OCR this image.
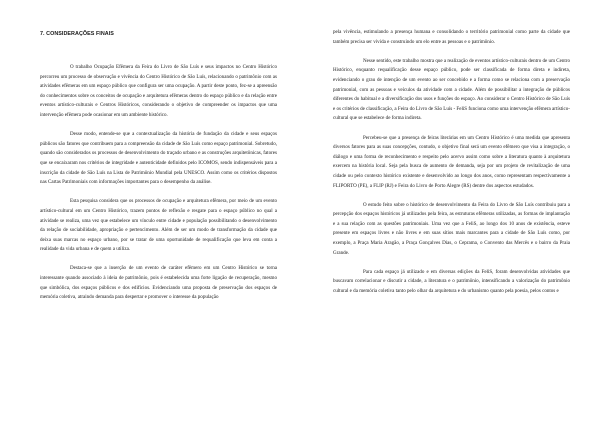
7. CONSIDERAÇÕES FINAIS

O trabalho Ocupação Efêmera da Feira do Livro de São Luís e seus impactos no Centro Histórico percorreu um processo de observação e vivência do Centro Histórico de São Luís, relacionando o patrimônio com as atividades efêmeras em um espaço público que configura ser uma ocupação. A partir deste ponto, fez-se a apreensão do conhecimentos sobre os conceitos de ocupação e arquitetura efêmeras dentro do espaço público e da relação entre eventos artístico-culturais e Centros Históricos, considerando o objetivo de compreender os impactos que uma intervenção efêmera pode ocasionar em um ambiente histórico.

Desse modo, entende-se que a contextualização da história de fundação da cidade e seus espaços públicos são fatores que contribuem para a compreensão da cidade de São Luís como espaço patrimonial. Sobretudo, quando são considerados os processos de desenvolvimento do traçado urbano e as construções arquitetônicas, fatores que se encaixaram nos critérios de integridade e autenticidade definidos pelo ICOMOS, sendo indispensáveis para a inscrição da cidade de São Luís na Lista de Patrimônio Mundial pela UNESCO. Assim como os critérios dispostos nas Cartas Patrimoniais com informações importantes para o desempenho da análise.

Esta pesquisa considera que os processos de ocupação e arquitetura efêmera, por meio de um evento artístico-cultural em um Centro Histórico, trazem pontos de reflexão e resgate para o espaço público no qual a atividade se realiza, uma vez que estabelece um vínculo entre cidade e população possibilitando o desenvolvimento da relação de sociabilidade, apropriação e pertencimento. Além de ser um modo de transformação da cidade que deixa suas marcas no espaço urbano, por se tratar de uma oportunidade de requalificação que leva em conta a realidade da vida urbana e de quem a utiliza.

Destaca-se que a inserção de um evento de caráter efêmero em um Centro Histórico se torna interessante quando associado à ideia de patrimônio, pois é estabelecida uma forte ligação de recuperação, mesmo que simbólica, dos espaços públicos e dos edifícios. Evidenciando uma proposta de preservação dos espaços de memória coletiva, atraindo demanda para despertar e promover o interesse da população

pela vivência, estimulando a presença humana e consolidando o território patrimonial como parte da cidade que também precisa ser vivida e construindo um elo entre as pessoas e o patrimônio.

Nesse sentido, este trabalho mostra que a realização de eventos artístico-culturais dentro de um Centro Histórico, enquanto requalificação desse espaço público, pode ser classificada de forma direta e indireta, evidenciando o grau de intenção de um evento ao ser concebido e a forma como se relaciona com a preservação patrimonial, com as pessoas e veículos da atividade com a cidade. Além de possibilitar a integração de públicos diferentes do habitual e a diversificação dos usos e funções do espaço. Ao considerar o Centro Histórico de São Luís e os critérios de classificação, a Feira do Livro de São Luís - FeliS funciona como uma intervenção efêmera artístico-cultural que se estabelece de forma indireta.

Percebeu-se que a presença de feiras literárias em um Centro Histórico é uma medida que apresenta diversos fatores para as suas concepções, contudo, o objetivo final será um evento efêmero que visa a integração, o diálogo e uma forma de reconhecimento e respeito pelo acervo assim como sobre a literatura quanto à arquitetura exercem na história local. Seja pela busca de aumento de demanda, seja por um projeto de revitalização de uma cidade ou pelo contexto histórico existente e desenvolvido ao longo dos anos, como representam respectivamente a FLIPORTO (PE), a FLIP (RJ) e Feira do Livro de Porto Alegre (RS) dentre dos aspectos estudados.

O estudo feito sobre o histórico de desenvolvimento da Feira do Livro de São Luís contribuiu para a percepção dos espaços históricos já utilizados pela feira, as estruturas efêmeras utilizadas, as formas de implantação e a sua relação com as questões patrimoniais. Uma vez que a FeliS, ao longo dos 10 anos de existência, esteve presente em espaços livres e não livres e em suas sítios mais marcantes para a cidade de São Luís como, por exemplo, a Praça Maria Aragão, a Praça Gonçalves Dias, o Ceprama, o Convento das Mercês e o bairro da Praia Grande.

Para cada espaço já utilizado e em diversas edições da FeliS, foram desenvolvidas atividades que buscavam correlacionar e discutir a cidade, a literatura e o patrimônio, intensificando a valorização do patrimônio cultural e da memória coletiva tanto pelo olhar da arquitetura e do urbanismo quanto pela poesia, pelos contos e
